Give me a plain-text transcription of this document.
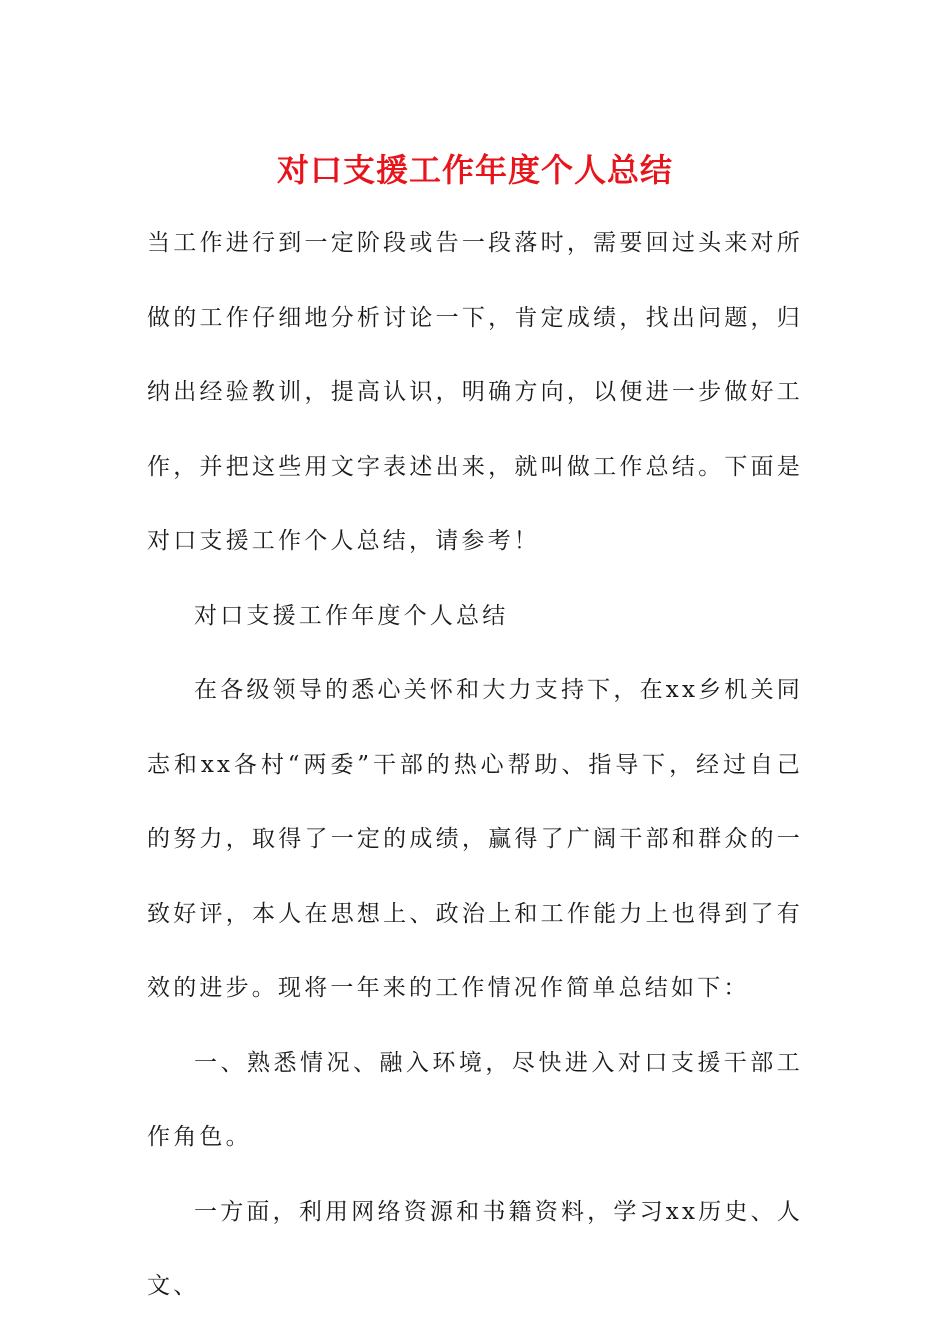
对口支援工作年度个人总结

当工作进行到一定阶段或告一段落时，需要回过头来对所做的工作仔细地分析讨论一下，肯定成绩，找出问题，归纳出经验教训，提高认识，明确方向，以便进一步做好工作，并把这些用文字表述出来，就叫做工作总结。下面是对口支援工作个人总结，请参考！

对口支援工作年度个人总结

在各级领导的悉心关怀和大力支持下，在xx乡机关同志和xx各村“两委”干部的热心帮助、指导下，经过自己的努力，取得了一定的成绩，赢得了广阔干部和群众的一致好评，本人在思想上、政治上和工作能力上也得到了有效的进步。现将一年来的工作情况作简单总结如下：

一、熟悉情况、融入环境，尽快进入对口支援干部工作角色。

一方面，利用网络资源和书籍资料，学习xx历史、人文、
